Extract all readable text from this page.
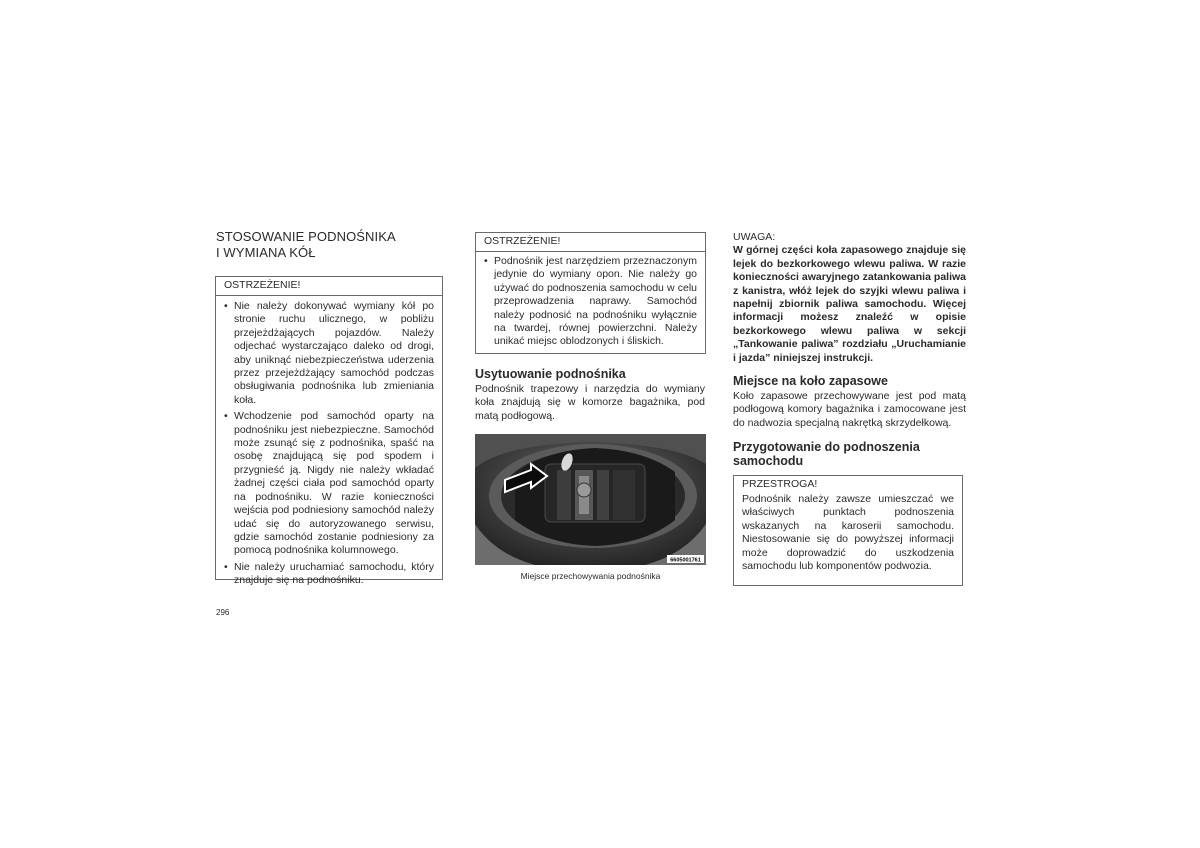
STOSOWANIE PODNOŚNIKA
I WYMIANA KÓŁ
OSTRZEŻENIE!
• Nie należy dokonywać wymiany kół po stronie ruchu ulicznego, w pobliżu przejeżdżających pojazdów. Należy odjechać wystarczająco daleko od drogi, aby uniknąć niebezpieczeństwa uderzenia przez przejeżdżający samochód podczas obsługiwania podnośnika lub zmieniania koła.
• Wchodzenie pod samochód oparty na podnośniku jest niebezpieczne. Samochód może zsunąć się z podnośnika, spaść na osobę znajdującą się pod spodem i przygnieść ją. Nigdy nie należy wkładać żadnej części ciała pod samochód oparty na podnośniku. W razie konieczności wejścia pod podniesiony samochód należy udać się do autoryzowanego serwisu, gdzie samochód zostanie podniesiony za pomocą podnośnika kolumnowego.
• Nie należy uruchamiać samochodu, który znajduje się na podnośniku.
OSTRZEŻENIE!
• Podnośnik jest narzędziem przeznaczonym jedynie do wymiany opon. Nie należy go używać do podnoszenia samochodu w celu przeprowadzenia naprawy. Samochód należy podnosić na podnośniku wyłącznie na twardej, równej powierzchni. Należy unikać miejsc oblodzonych i śliskich.
Usytuowanie podnośnika

Podnośnik trapezowy i narzędzia do wymiany koła znajdują się w komorze bagażnika, pod matą podłogową.

6605001761
Miejsce przechowywania podnośnika
UWAGA:

W górnej części koła zapasowego znajduje się lejek do bezkorkowego wlewu paliwa. W razie konieczności awaryjnego zatankowania paliwa z kanistra, włóż lejek do szyjki wlewu paliwa i napełnij zbiornik paliwa samochodu. Więcej informacji możesz znaleźć w opisie bezkorkowego wlewu paliwa w sekcji „Tankowanie paliwa” rozdziału „Uruchamianie i jazda” niniejszej instrukcji.

Miejsce na koło zapasowe

Koło zapasowe przechowywane jest pod matą podłogową komory bagażnika i zamocowane jest do nadwozia specjalną nakrętką skrzydełkową.

Przygotowanie do podnoszenia
samochodu
PRZESTROGA!

Podnośnik należy zawsze umieszczać we właściwych punktach podnoszenia wskazanych na karoserii samochodu. Niestosowanie się do powyższej informacji może doprowadzić do uszkodzenia samochodu lub komponentów podwozia.

296
